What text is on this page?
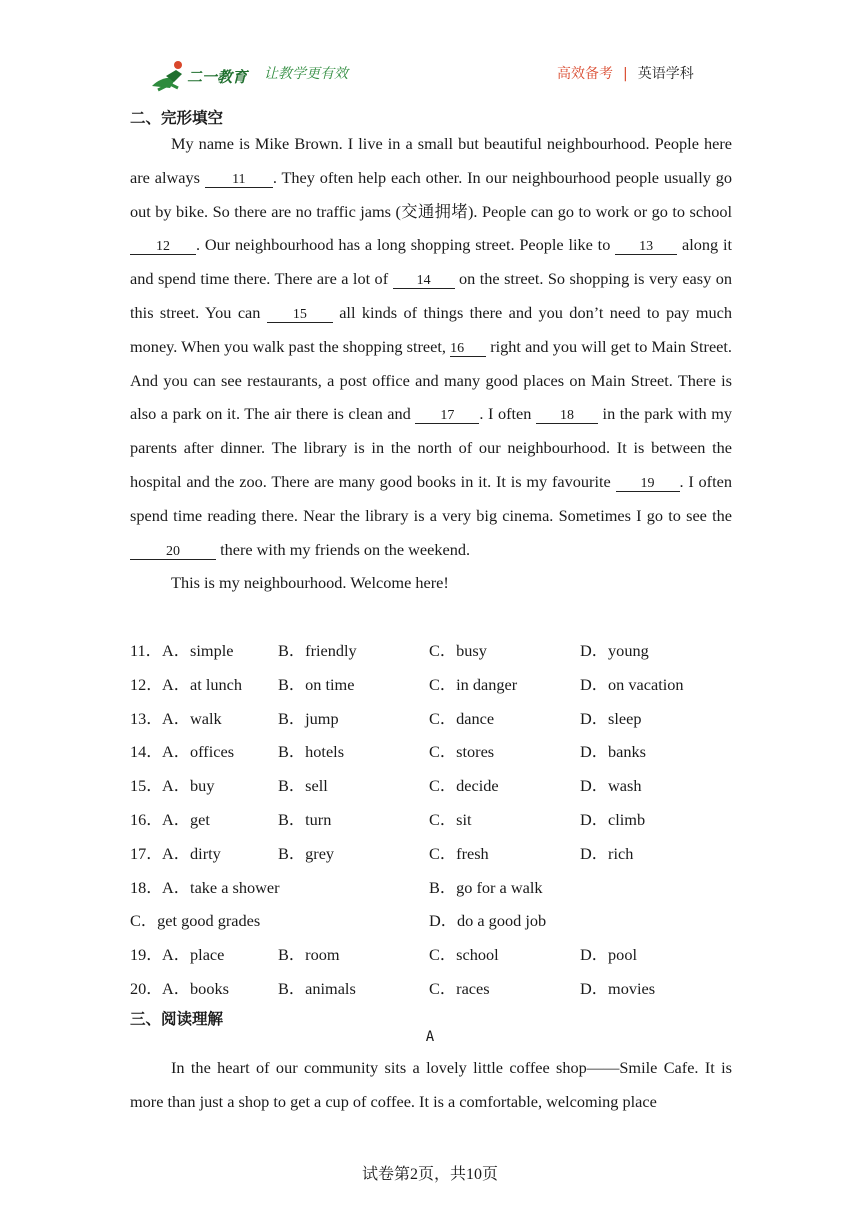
二一教育 让教学更有效	高效备考 | 英语学科
二、完形填空

My name is Mike Brown. I live in a small but beautiful neighbourhood. People here are always 11 . They often help each other. In our neighbourhood people usually go out by bike. So there are no traffic jams (交通拥堵). People can go to work or go to school 12 . Our neighbourhood has a long shopping street. People like to 13 along it and spend time there. There are a lot of 14 on the street. So shopping is very easy on this street. You can 15 all kinds of things there and you don’t need to pay much money. When you walk past the shopping street, 16 right and you will get to Main Street. And you can see restaurants, a post office and many good places on Main Street. There is also a park on it. The air there is clean and 17 . I often 18 in the park with my parents after dinner. The library is in the north of our neighbourhood. It is between the hospital and the zoo. There are many good books in it. It is my favourite 19 . I often spend time reading there. Near the library is a very big cinema. Sometimes I go to see the 20 there with my friends on the weekend.

This is my neighbourhood. Welcome here!

11． A．simple	B．friendly	C．busy	D．young
12． A．at lunch B．on time	C．in danger	D．on vacation
13． A．walk	B．jump	C．dance	D．sleep
14． A．offices	B．hotels	C．stores	D．banks
15． A．buy	B．sell	C．decide	D．wash
16． A．get	B．turn	C．sit	D．climb
17． A．dirty	B．grey	C．fresh	D．rich
18． A．take a shower	B．go for a walk
C．get good grades	D．do a good job
19． A．place	B．room	C．school	D．pool
20． A．books	B．animals	C．races	D．movies
三、阅读理解
A

In the heart of our community sits a lovely little coffee shop——Smile Cafe. It is more than just a shop to get a cup of coffee. It is a comfortable, welcoming place

试卷第2页，共10页
